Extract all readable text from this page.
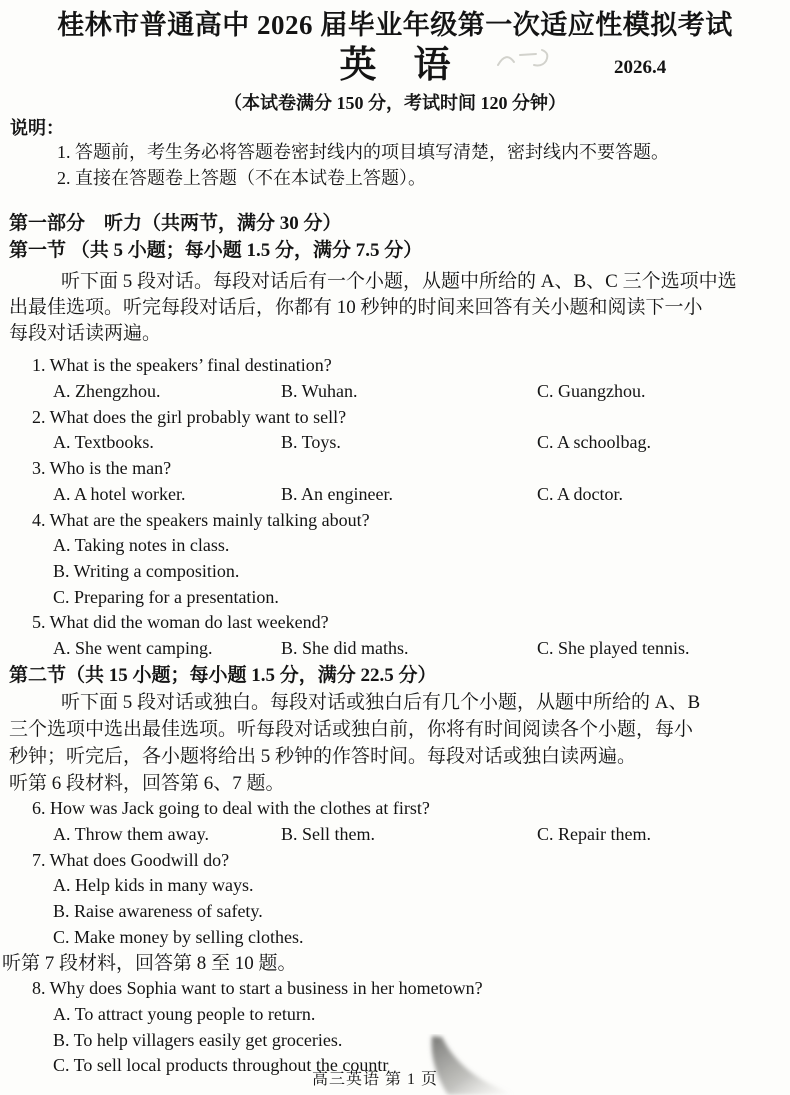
桂林市普通高中 2026 届毕业年级第一次适应性模拟考试
英　语	2026.4
（本试卷满分 150 分，考试时间 120 分钟）
说明：
1. 答题前，考生务必将答题卷密封线内的项目填写清楚，密封线内不要答题。
2. 直接在答题卷上答题（不在本试卷上答题）。
第一部分　听力（共两节，满分 30 分）
第一节 （共 5 小题；每小题 1.5 分，满分 7.5 分）
听下面 5 段对话。每段对话后有一个小题，从题中所给的 A、B、C 三个选项中选
出最佳选项。听完每段对话后，你都有 10 秒钟的时间来回答有关小题和阅读下一小
每段对话读两遍。
1. What is the speakers’ final destination?
A. Zhengzhou.	B. Wuhan.	C. Guangzhou.
2. What does the girl probably want to sell?
A. Textbooks.	B. Toys.	C. A schoolbag.
3. Who is the man?
A. A hotel worker.	B. An engineer.	C. A doctor.
4. What are the speakers mainly talking about?
A. Taking notes in class.
B. Writing a composition.
C. Preparing for a presentation.
5. What did the woman do last weekend?
A. She went camping.	B. She did maths.	C. She played tennis.
第二节（共 15 小题；每小题 1.5 分，满分 22.5 分）
听下面 5 段对话或独白。每段对话或独白后有几个小题，从题中所给的 A、B
三个选项中选出最佳选项。听每段对话或独白前，你将有时间阅读各个小题，每小
秒钟；听完后，各小题将给出 5 秒钟的作答时间。每段对话或独白读两遍。
听第 6 段材料，回答第 6、7 题。
6. How was Jack going to deal with the clothes at first?
A. Throw them away.	B. Sell them.	C. Repair them.
7. What does Goodwill do?
A. Help kids in many ways.
B. Raise awareness of safety.
C. Make money by selling clothes.
听第 7 段材料，回答第 8 至 10 题。
8. Why does Sophia want to start a business in her hometown?
A. To attract young people to return.
B. To help villagers easily get groceries.
C. To sell local products throughout the countr
高三英语 第 1 页
